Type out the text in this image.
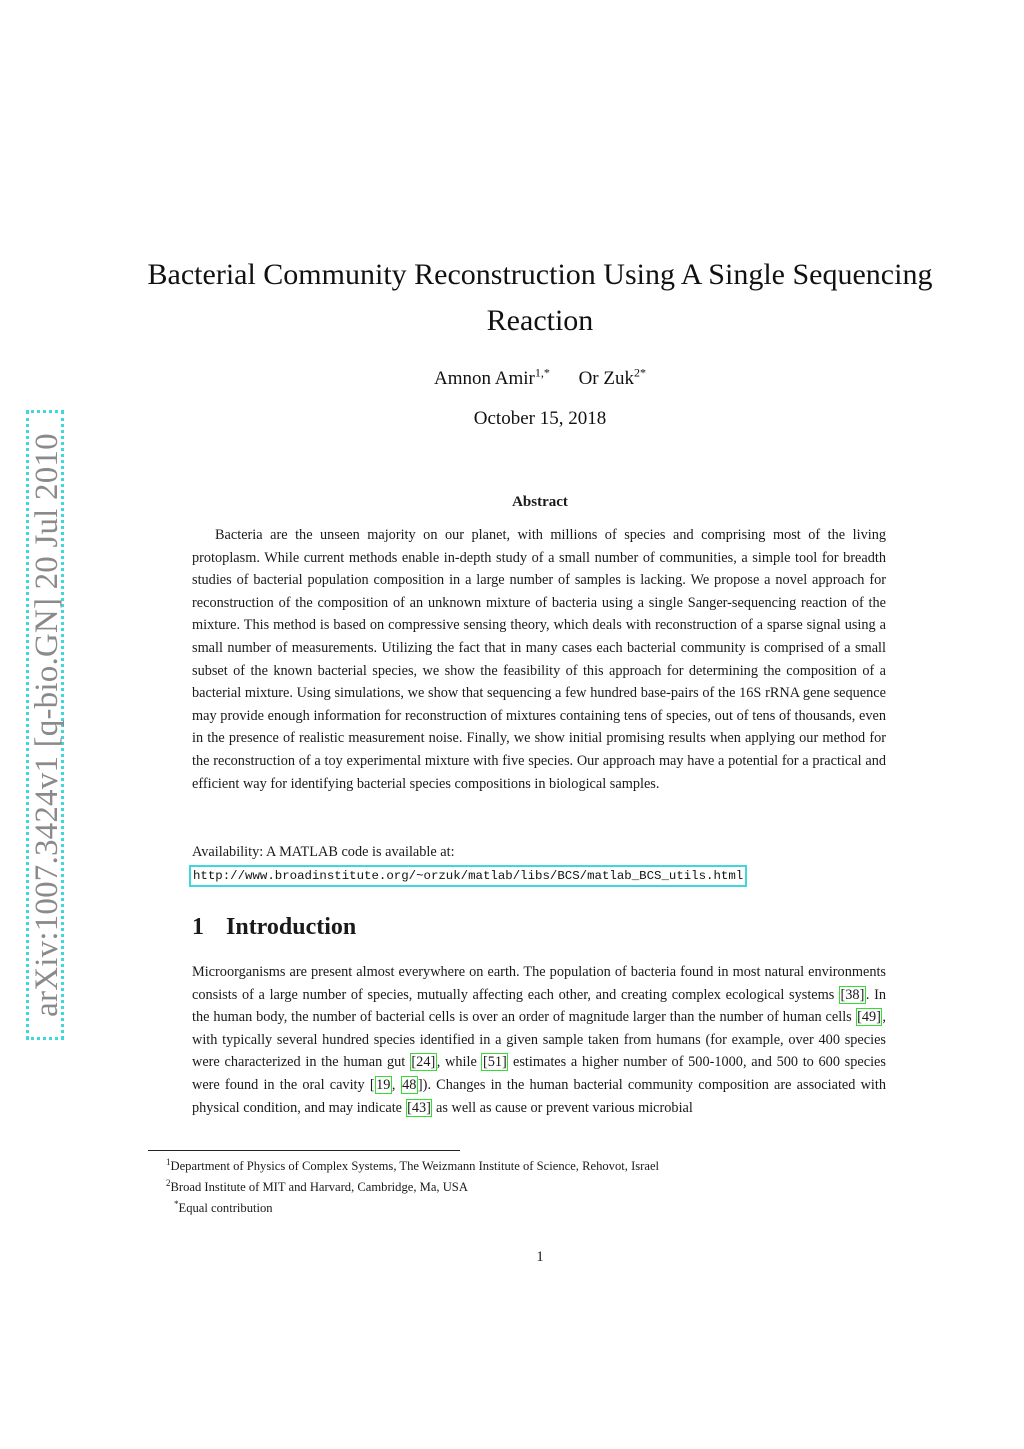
arXiv:1007.3424v1 [q-bio.GN] 20 Jul 2010
Bacterial Community Reconstruction Using A Single Sequencing Reaction
Amnon Amir$^{1,*}$ Or Zuk$^{2*}$
October 15, 2018
Abstract

Bacteria are the unseen majority on our planet, with millions of species and comprising most of the living protoplasm. While current methods enable in-depth study of a small number of communities, a simple tool for breadth studies of bacterial population composition in a large number of samples is lacking. We propose a novel approach for reconstruction of the composition of an unknown mixture of bacteria using a single Sanger-sequencing reaction of the mixture. This method is based on compressive sensing theory, which deals with reconstruction of a sparse signal using a small number of measurements. Utilizing the fact that in many cases each bacterial community is comprised of a small subset of the known bacterial species, we show the feasibility of this approach for determining the composition of a bacterial mixture. Using simulations, we show that sequencing a few hundred base-pairs of the 16S rRNA gene sequence may provide enough information for reconstruction of mixtures containing tens of species, out of tens of thousands, even in the presence of realistic measurement noise. Finally, we show initial promising results when applying our method for the reconstruction of a toy experimental mixture with five species. Our approach may have a potential for a practical and efficient way for identifying bacterial species compositions in biological samples.

Availability: A MATLAB code is available at:
http://www.broadinstitute.org/~orzuk/matlab/libs/BCS/matlab_BCS_utils.html
1 Introduction

Microorganisms are present almost everywhere on earth. The population of bacteria found in most natural environments consists of a large number of species, mutually affecting each other, and creating complex ecological systems [38] . In the human body, the number of bacterial cells is over an order of magnitude larger than the number of human cells [49] , with typically several hundred species identified in a given sample taken from humans (for example, over 400 species were characterized in the human gut [24] , while [51] estimates a higher number of 500-1000, and 500 to 600 species were found in the oral cavity [ 19 , 48 ]). Changes in the human bacterial community composition are associated with physical condition, and may indicate [43] as well as cause or prevent various microbial

$^1$Department of Physics of Complex Systems, The Weizmann Institute of Science, Rehovot, Israel
$^2$Broad Institute of MIT and Harvard, Cambridge, Ma, USA
*Equal contribution
1
